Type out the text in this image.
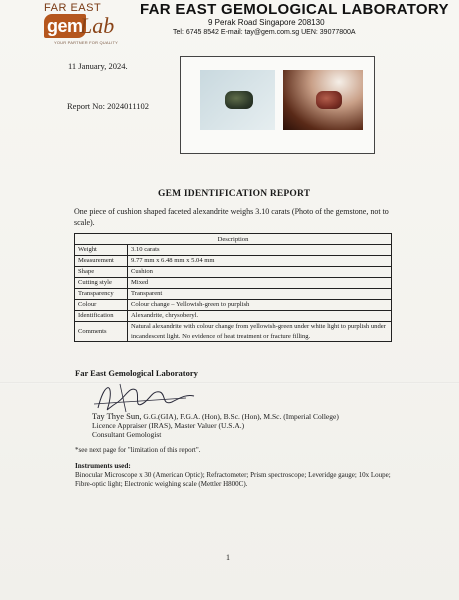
FAR EAST
gem
Lab
YOUR PARTNER FOR QUALITY
FAR EAST GEMOLOGICAL LABORATORY
9 Perak Road Singapore 208130
Tel: 6745 8542 E-mail: tay@gem.com.sg UEN: 39077800A
11 January, 2024.
Report No: 2024011102
GEM IDENTIFICATION REPORT
One piece of cushion shaped faceted alexandrite weighs 3.10 carats (Photo of the gemstone, not to scale).
Description	
Weight	3.10 carats
Measurement	9.77 mm x 6.48 mm x 5.04 mm
Shape	Cushion
Cutting style	Mixed
Transparency	Transparent
Colour	Colour change – Yellowish-green to purplish
Identification	Alexandrite, chrysoberyl.
Comments	Natural alexandrite with colour change from yellowish-green under white light to purplish under incandescent light. No evidence of heat treatment or fracture filling.
Far East Gemological Laboratory
Tay Thye Sun, G.G.(GIA), F.G.A. (Hon), B.Sc. (Hon), M.Sc. (Imperial College)
Licence Appraiser (IRAS), Master Valuer (U.S.A.)
Consultant Gemologist
*see next page for "limitation of this report".
Instruments used:
Binocular Microscope x 30 (American Optic); Refractometer; Prism spectroscope; Leveridge gauge; 10x Loupe; Fibre-optic light; Electronic weighing scale (Mettler H800C).
1
